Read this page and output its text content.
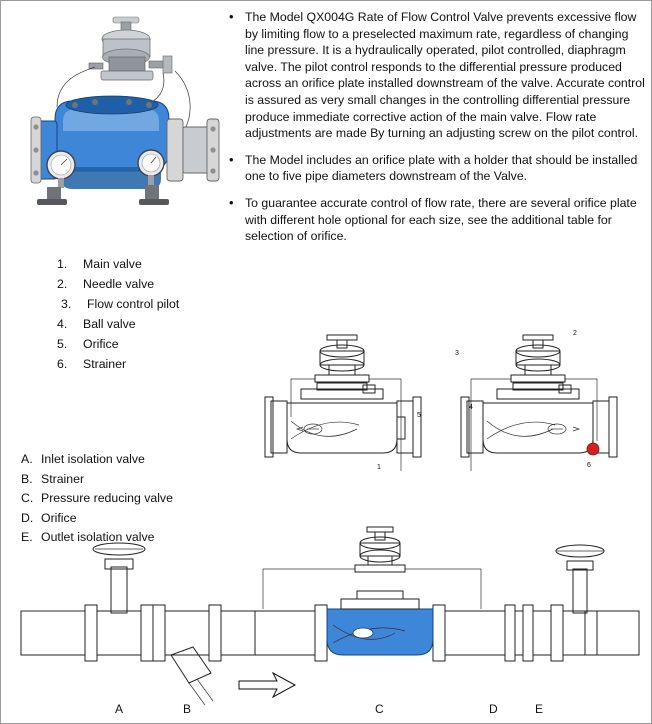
• The Model QX004G Rate of Flow Control Valve prevents excessive flow by limiting flow to a preselected maximum rate, regardless of changing line pressure. It is a hydraulically operated, pilot controlled, diaphragm valve. The pilot control responds to the differential pressure produced across an orifice plate installed downstream of the valve. Accurate control is assured as very small changes in the controlling differential pressure produce immediate corrective action of the main valve. Flow rate adjustments are made By turning an adjusting screw on the pilot control.
• The Model includes an orifice plate with a holder that should be installed one to five pipe diameters downstream of the Valve.
• To guarantee accurate control of flow rate, there are several orifice plate with different hole optional for each size, see the additional table for selection of orifice.
1.	Main valve
2.	Needle valve
3.	Flow control pilot
4.	Ball valve
5.	Orifice
6.	Strainer
A. Inlet isolation valve
B. Strainer
C. Pressure reducing valve
D. Orifice
E. Outlet isolation valve
1
5
2
3
4
6
A	B	C	D	E
